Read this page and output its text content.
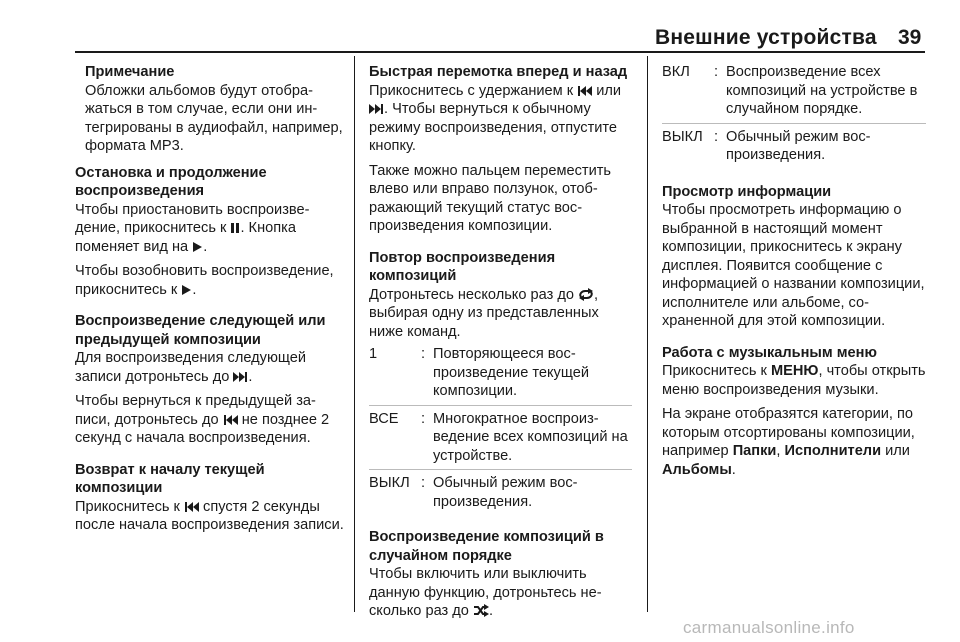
Внешние устройства 39
Примечание
Обложки альбомов будут отображаться в том случае, если они интегрированы в аудиофайл, например, формата MP3.
Остановка и продолжение воспроизведения

Чтобы приостановить воспроизведение, прикоснитесь к . Кнопка поменяет вид на .

Чтобы возобновить воспроизведение, прикоснитесь к .

Воспроизведение следующей или предыдущей композиции

Для воспроизведения следующей записи дотроньтесь до .

Чтобы вернуться к предыдущей записи, дотроньтесь до не позднее 2 секунд с начала воспроизведения.

Возврат к началу текущей композиции

Прикоснитесь к спустя 2 секунды после начала воспроизведения записи.

Быстрая перемотка вперед и назад

Прикоснитесь с удержанием к или
. Чтобы вернуться к обычному режиму воспроизведения, отпустите кнопку.

Также можно пальцем переместить влево или вправо ползунок, отображающий текущий статус воспроизведения композиции.

Повтор воспроизведения композиций

Дотроньтесь несколько раз до , выбирая одну из представленных ниже команд.

1	: Повторяющееся воспроизведение текущей композиции.
ВСЕ	: Многократное воспроизведение всех композиций на устройстве.
ВЫКЛ : Обычный режим воспроизведения.
Воспроизведение композиций в случайном порядке

Чтобы включить или выключить данную функцию, дотроньтесь несколько раз до .

ВКЛ	: Воспроизведение всех композиций на устройстве в случайном порядке.
ВЫКЛ : Обычный режим воспроизведения.
Просмотр информации

Чтобы просмотреть информацию о выбранной в настоящий момент композиции, прикоснитесь к экрану дисплея. Появится сообщение с информацией о названии композиции, исполнителе или альбоме, сохраненной для этой композиции.

Работа с музыкальным меню

Прикоснитесь к МЕНЮ, чтобы открыть меню воспроизведения музыки.

На экране отобразятся категории, по которым отсортированы композиции, например Папки, Исполнители или Альбомы.

carmanualsonline.info
